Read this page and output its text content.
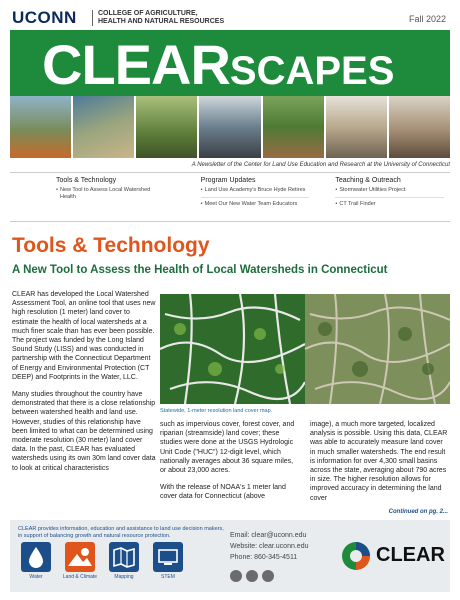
UCONN	COLLEGE OF AGRICULTURE,
HEALTH AND NATURAL RESOURCES	Fall 2022
CLEARSCAPES
A Newsletter of the Center for Land Use Education and Research at the University of Connecticut
Tools & Technology
• New Tool to Assess Local Watershed Health
Program Updates
• Land Use Academy's Bruce Hyde Retires
• Meet Our New Water Team Educators
Teaching & Outreach
• Stormwater Utilities Project
• CT Trail Finder
Tools & Technology
A New Tool to Assess the Health of Local Watersheds in Connecticut

CLEAR has developed the Local Watershed Assessment Tool, an online tool that uses new high resolution (1 meter) land cover to estimate the health of local watersheds at a much finer scale than has ever been possible. The project was funded by the Long Island Sound Study (LISS) and was conducted in partnership with the Connecticut Department of Energy and Environmental Protection (CT DEEP) and Footprints in the Water, LLC.

Many studies throughout the country have demonstrated that there is a close relationship between watershed health and land use. However, studies of this relationship have been limited to what can be determined using moderate resolution (30 meter) land cover data. In the past, CLEAR has evaluated watersheds using its own 30m land cover data to look at critical characteristics

Statewide, 1-meter resolution land cover map.

such as impervious cover, forest cover, and riparian (streamside) land cover; these studies were done at the USGS Hydrologic Unit Code ("HUC") 12-digit level, which nationally averages about 36 square miles, or about 23,000 acres.

With the release of NOAA's 1 meter land cover data for Connecticut (above

image), a much more targeted, localized analysis is possible. Using this data, CLEAR was able to accurately measure land cover in much smaller watersheds. The end result is information for over 4,300 small basins across the state, averaging about 790 acres in size. The higher resolution allows for improved accuracy in determining the land cover

Continued on pg. 2...
CLEAR provides information, education and assistance to land use decision makers, in support of balancing growth and natural resource protection.
Water	Land & Climate	Mapping	STEM
Email: clear@uconn.edu
Website: clear.uconn.edu
Phone: 860-345-4511	CLEAR
